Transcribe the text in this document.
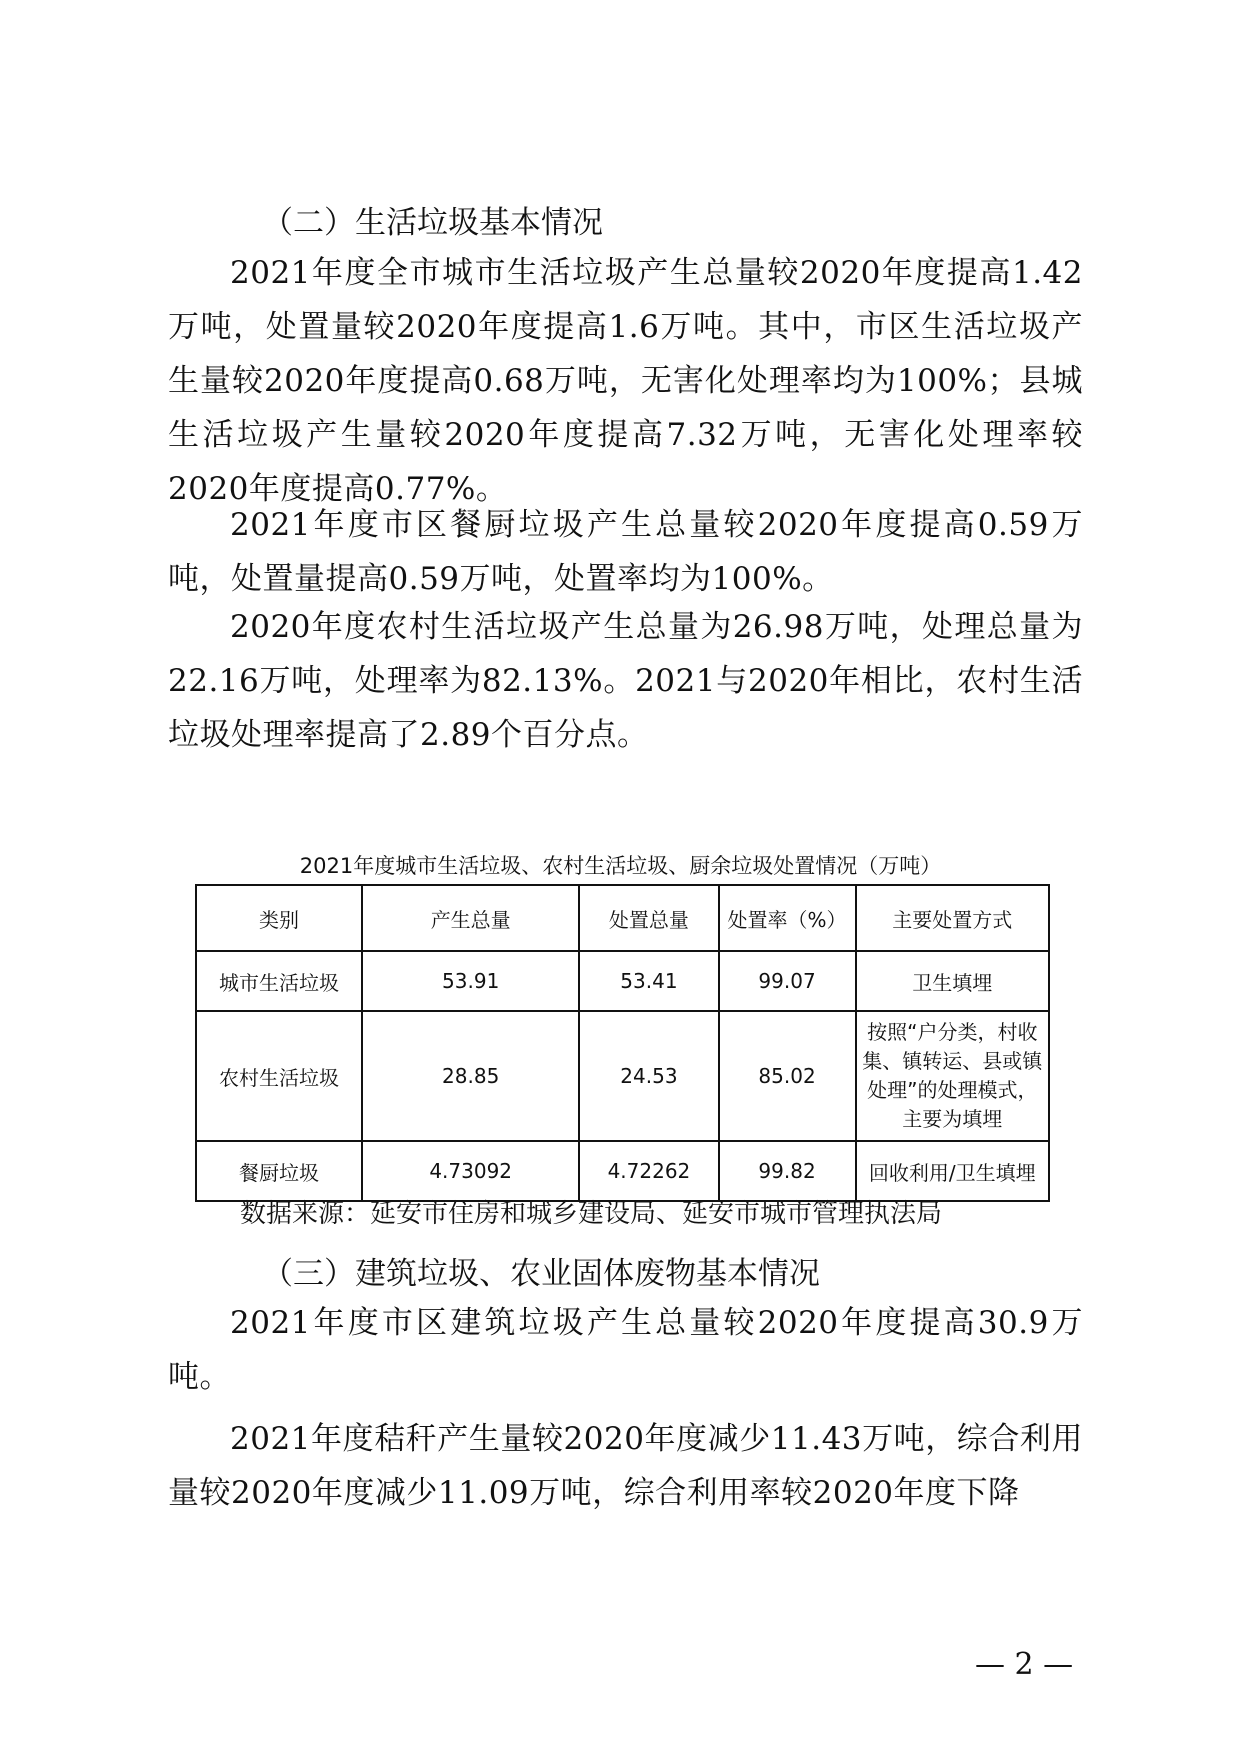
（二）生活垃圾基本情况
2021年度全市城市生活垃圾产生总量较2020年度提高1.42万吨，处置量较2020年度提高1.6万吨。其中，市区生活垃圾产生量较2020年度提高0.68万吨，无害化处理率均为100%；县城生活垃圾产生量较2020年度提高7.32万吨，无害化处理率较2020年度提高0.77%。
2021年度市区餐厨垃圾产生总量较2020年度提高0.59万吨，处置量提高0.59万吨，处置率均为100%。
2020年度农村生活垃圾产生总量为26.98万吨，处理总量为22.16万吨，处理率为82.13%。2021与2020年相比，农村生活垃圾处理率提高了2.89个百分点。
2021年度城市生活垃圾、农村生活垃圾、厨余垃圾处置情况（万吨）
类别	产生总量	处置总量	处置率（%）	主要处置方式
城市生活垃圾	53.91	53.41	99.07	卫生填埋
农村生活垃圾	28.85	24.53	85.02	按照“户分类，村收集、镇转运、县或镇处理”的处理模式，主要为填埋
餐厨垃圾	4.73092	4.72262	99.82	回收利用/卫生填埋
数据来源：延安市住房和城乡建设局、延安市城市管理执法局
（三）建筑垃圾、农业固体废物基本情况
2021年度市区建筑垃圾产生总量较2020年度提高30.9万吨。
2021年度秸秆产生量较2020年度减少11.43万吨，综合利用量较2020年度减少11.09万吨，综合利用率较2020年度下降
— 2 —
